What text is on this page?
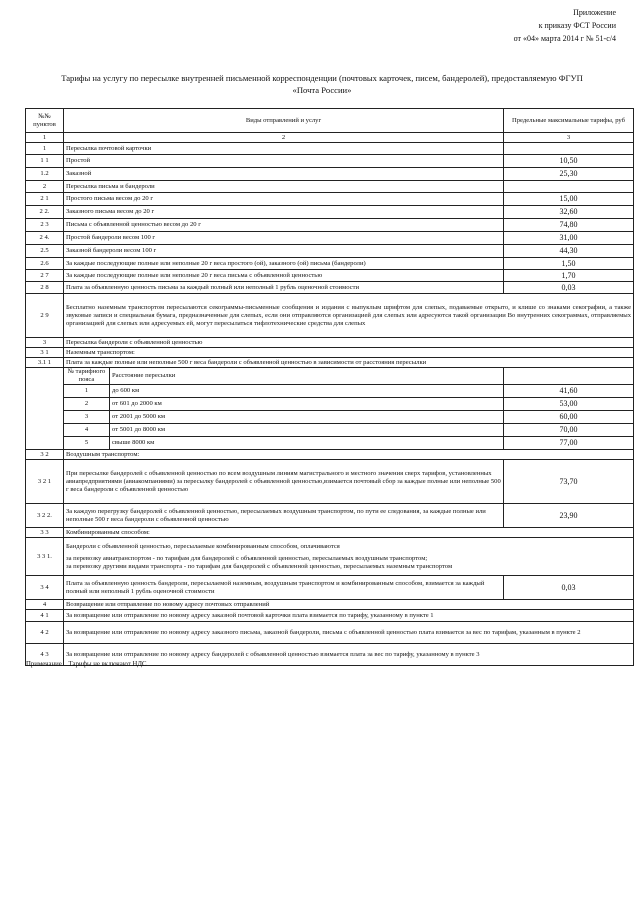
Приложение
к приказу ФСТ России
от «04» марта 2014 г № 51-с/4
Тарифы на услугу по пересылке внутренней письменной корреспонденции (почтовых карточек, писем, бандеролей), предоставляемую ФГУП
«Почта России»
№№ пунктов	Виды отправлений и услуг		Предельные максимальные тарифы, руб
1	2		3
1	Пересылка почтовой карточки		
1 1	Простой		10,50
1.2	Заказной		25,30
2	Пересылка письма и бандероли		
2 1	Простого письма весом до 20 г		15,00
2 2.	Заказного письма весом до 20 г		32,60
2 3	Письма с объявленной ценностью весом до 20 г		74,80
2 4.	Простой бандероли весом 100 г		31,00
2.5	Заказной бандероли весом 100 г		44,30
2.6	За каждые последующие полные или неполные 20 г веса простого (ой), заказного (ой) письма (бандероли)		1,50
2 7	За каждые последующие полные или неполные 20 г веса письма с объявленной ценностью		1,70
2 8	Плата за объявленную ценность письма за каждый полный или неполный 1 рубль оценочной стоимости		0,03
2 9	Бесплатно наземным транспортом пересылаются секограммы-письменные сообщения и издания с выпуклым шрифтом для слепых, подаваемые открыто, и клише со знаками секографии, а также звуковые записи и специальная бумага, предназначенные для слепых, если они отправляются организацией для слепых или адресуются такой организации Во внутренних секограммах, отправляемых организацией для слепых или адресуемых ей, могут пересылаться тифлотехнические средства для слепых		
3	Пересылка бандероли с объявленной ценностью		
3 1	Наземным транспортом:		
3.1 1	Плата за каждые полные или неполные 500 г веса бандероли с объявленной ценностью в зависимости от расстояния пересылки		
	№ тарифного пояса	Расстояние пересылки	
	1	до 600 км	41,60
	2	от 601 до 2000 км	53,00
	3	от 2001 до 5000 км	60,00
	4	от 5001 до 8000 км	70,00
	5	свыше 8000 км	77,00
3 2	Воздушным транспортом:		
3 2 1	При пересылке бандеролей с объявленной ценностью по всем воздушным линиям магистрального и местного значения сверх тарифов, установленных авиапредприятиями (авиакомпаниями) за пересылку бандеролей с объявленной ценностью,взимается почтовый сбор за каждые полные или неполные 500 г веса бандероли с объявленной ценностью		73,70
3 2 2.	За каждую перегрузку бандеролей с объявленной ценностью, пересылаемых воздушным транспортом, по пути ее следования, за каждые полные или неполные 500 г веса бандероли с объявленной ценностью		23,90
3 3	Комбинированным способом:		
3 3 1.	Бандероли с объявленной ценностью, пересылаемые комбинированным способом, оплачиваются
за перевозку авиатранспортом - по тарифам для бандеролей с объявленной ценностью, пересылаемых воздушным транспортом;
за перевозку другими видами транспорта - по тарифам для бандеролей с объявленной ценностью, пересылаемых наземным транспортом		

3 4	Плата за объявленную ценность бандероли, пересылаемой наземным, воздушным транспортом и комбинированным способом, взимается за каждый полный или неполный 1 рубль оценочной стоимости		0,03
4	Возвращение или отправление по новому адресу почтовых отправлений		
4 1	За возвращение или отправление по новому адресу заказной почтовой карточки плата взимается по тарифу, указанному в пункте 1		
4 2	За возвращение или отправление по новому адресу заказного письма, заказной бандероли, письма с объявленной ценностью плата взимается за вес по тарифам, указанным в пункте 2		
4 3	За возвращение или отправление по новому адресу бандеролей с объявленной ценностью взимается плата за вес по тарифу, указанному в пункте 3		
Примечание Тарифы не включают НДС
